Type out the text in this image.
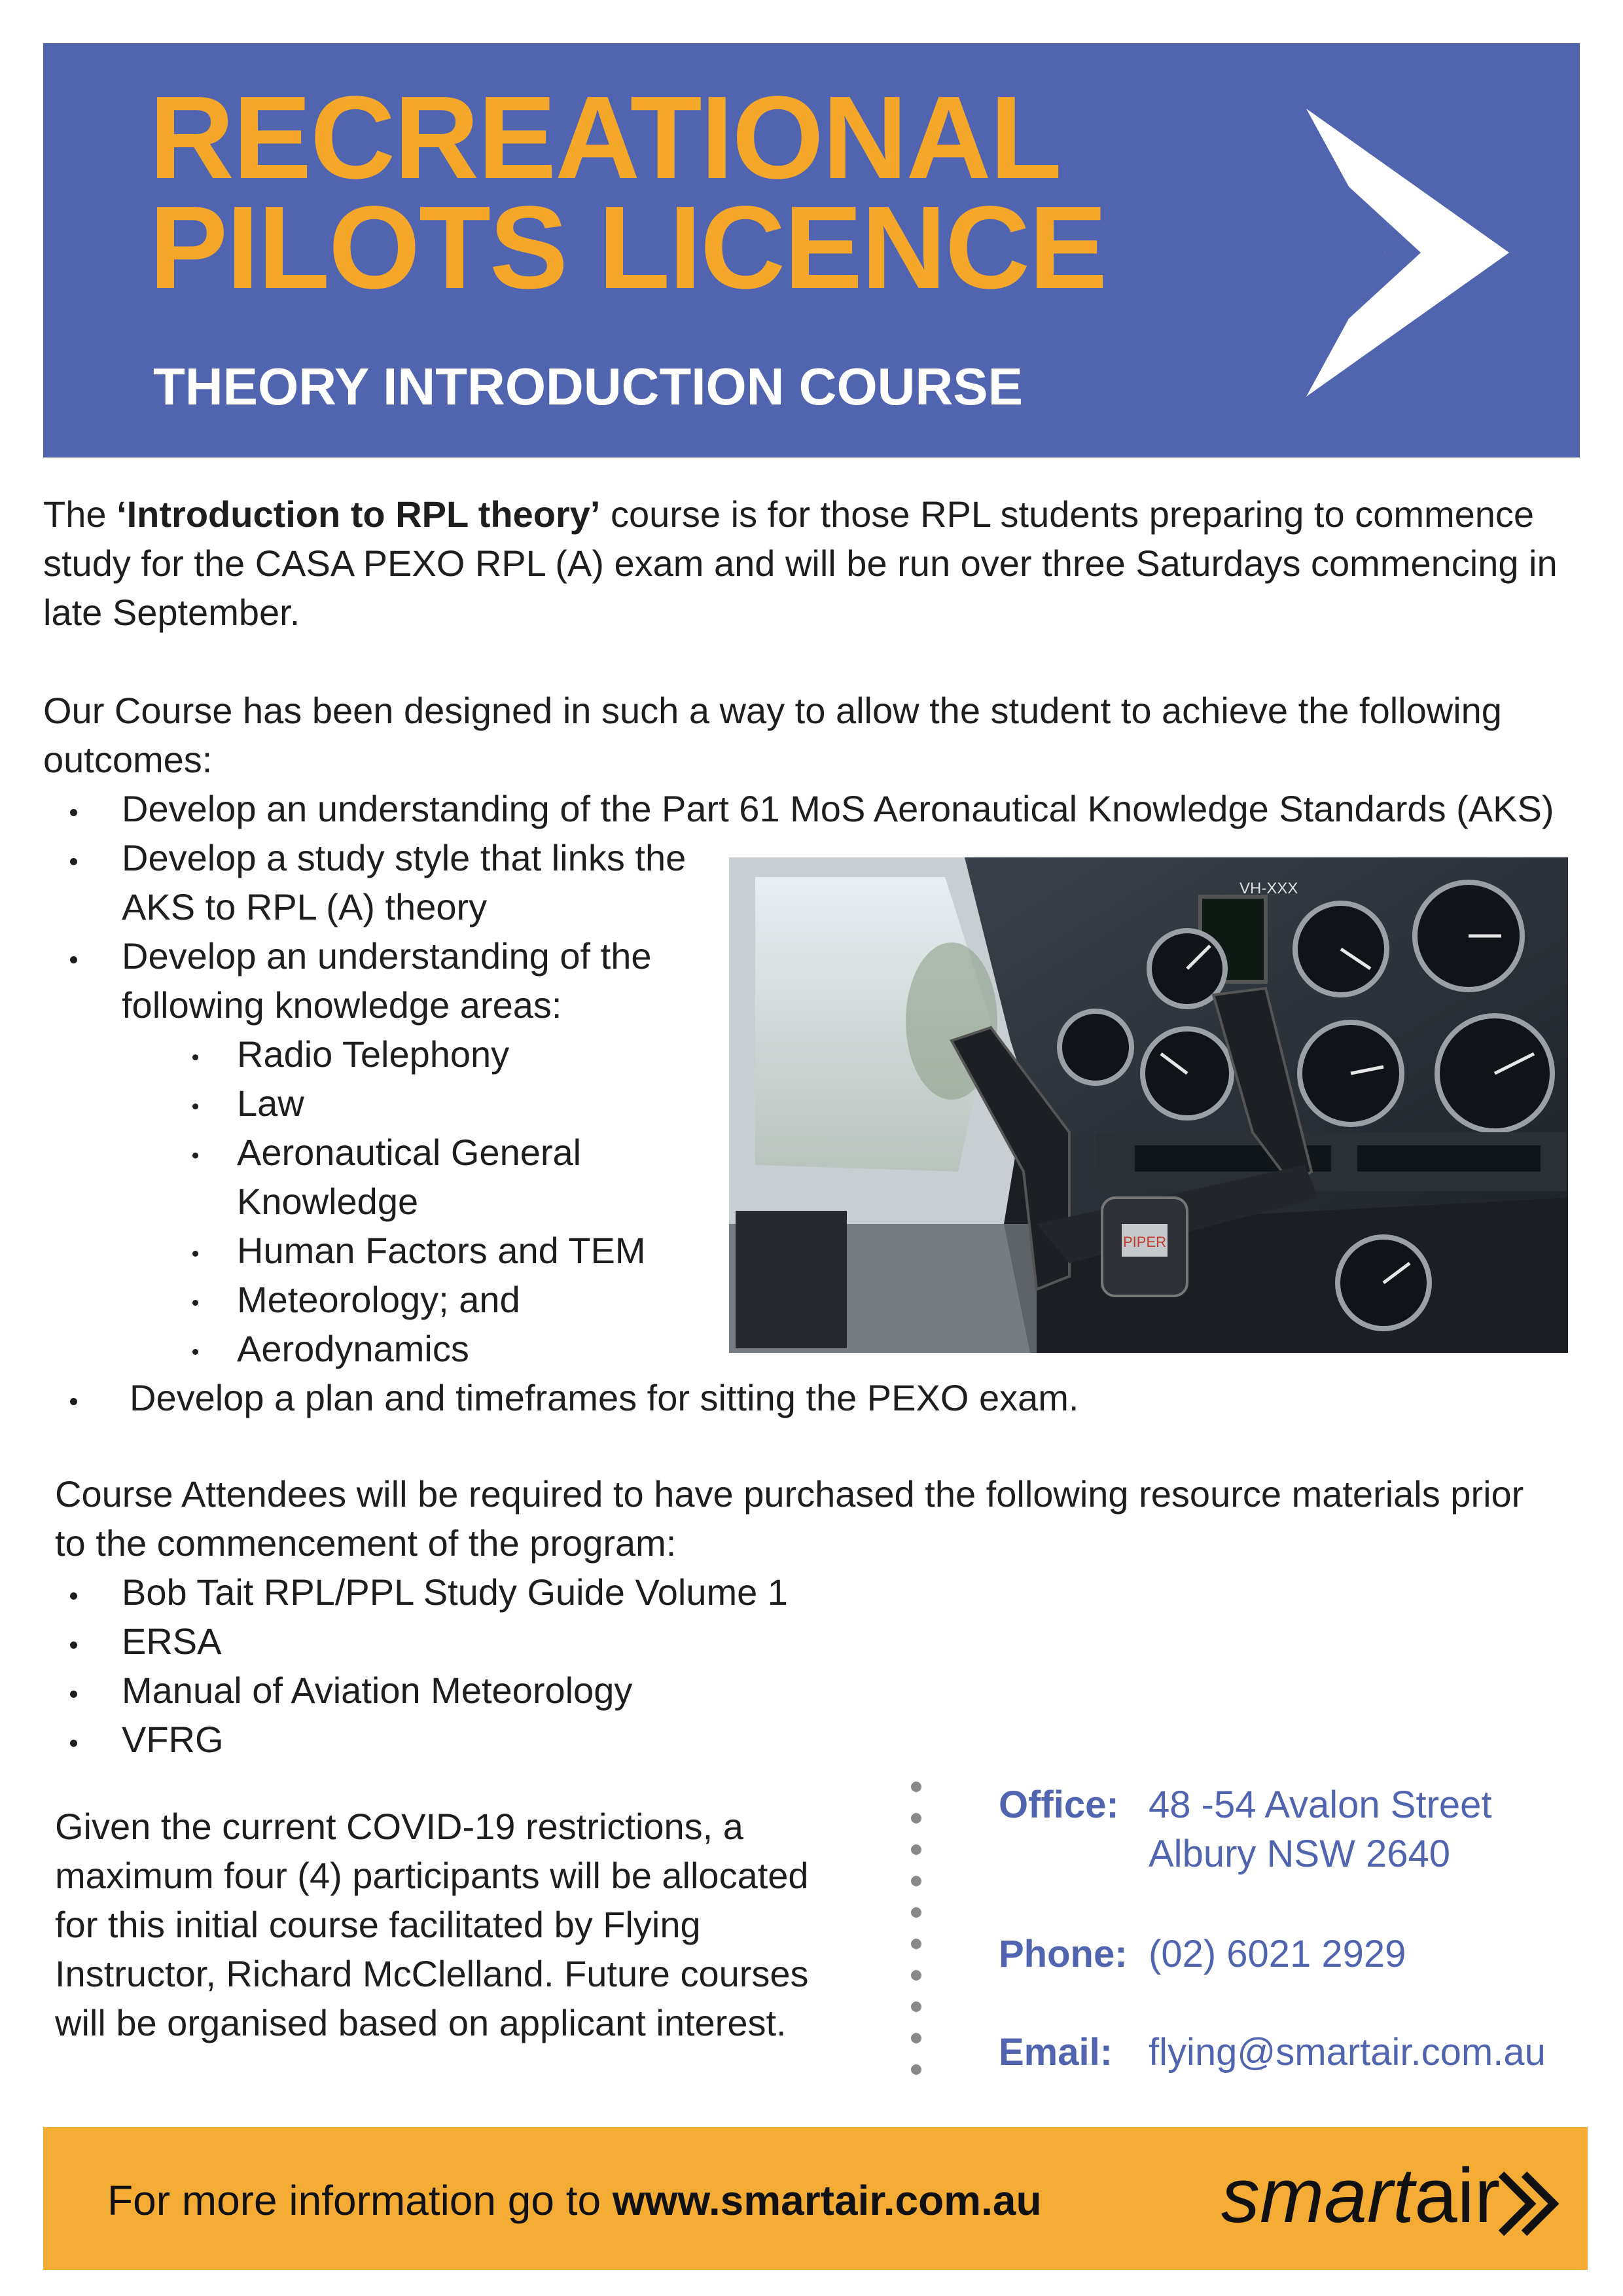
RECREATIONAL
PILOTS LICENCE
THEORY INTRODUCTION COURSE
The ‘Introduction to RPL theory’ course is for those RPL students preparing to commence
study for the CASA PEXO RPL (A) exam and will be run over three Saturdays commencing in
late September.
Our Course has been designed in such a way to allow the student to achieve the following
outcomes:
Develop an understanding of the Part 61 MoS Aeronautical Knowledge Standards (AKS)
Develop a study style that links the
AKS to RPL (A) theory
Develop an understanding of the
following knowledge areas:
Radio Telephony
Law
Aeronautical General
Knowledge
Human Factors and TEM
Meteorology; and
Aerodynamics
Develop a plan and timeframes for sitting the PEXO exam.
PIPER
VH-XXX
Course Attendees will be required to have purchased the following resource materials prior
to the commencement of the program:
Bob Tait RPL/PPL Study Guide Volume 1
ERSA
Manual of Aviation Meteorology
VFRG
Given the current COVID-19 restrictions, a
maximum four (4) participants will be allocated
for this initial course facilitated by Flying
Instructor, Richard McClelland. Future courses
will be organised based on applicant interest.
Office: 48 -54 Avalon Street
Albury NSW 2640
Phone: (02) 6021 2929
Email: flying@smartair.com.au
For more information go to www.smartair.com.au smartair
